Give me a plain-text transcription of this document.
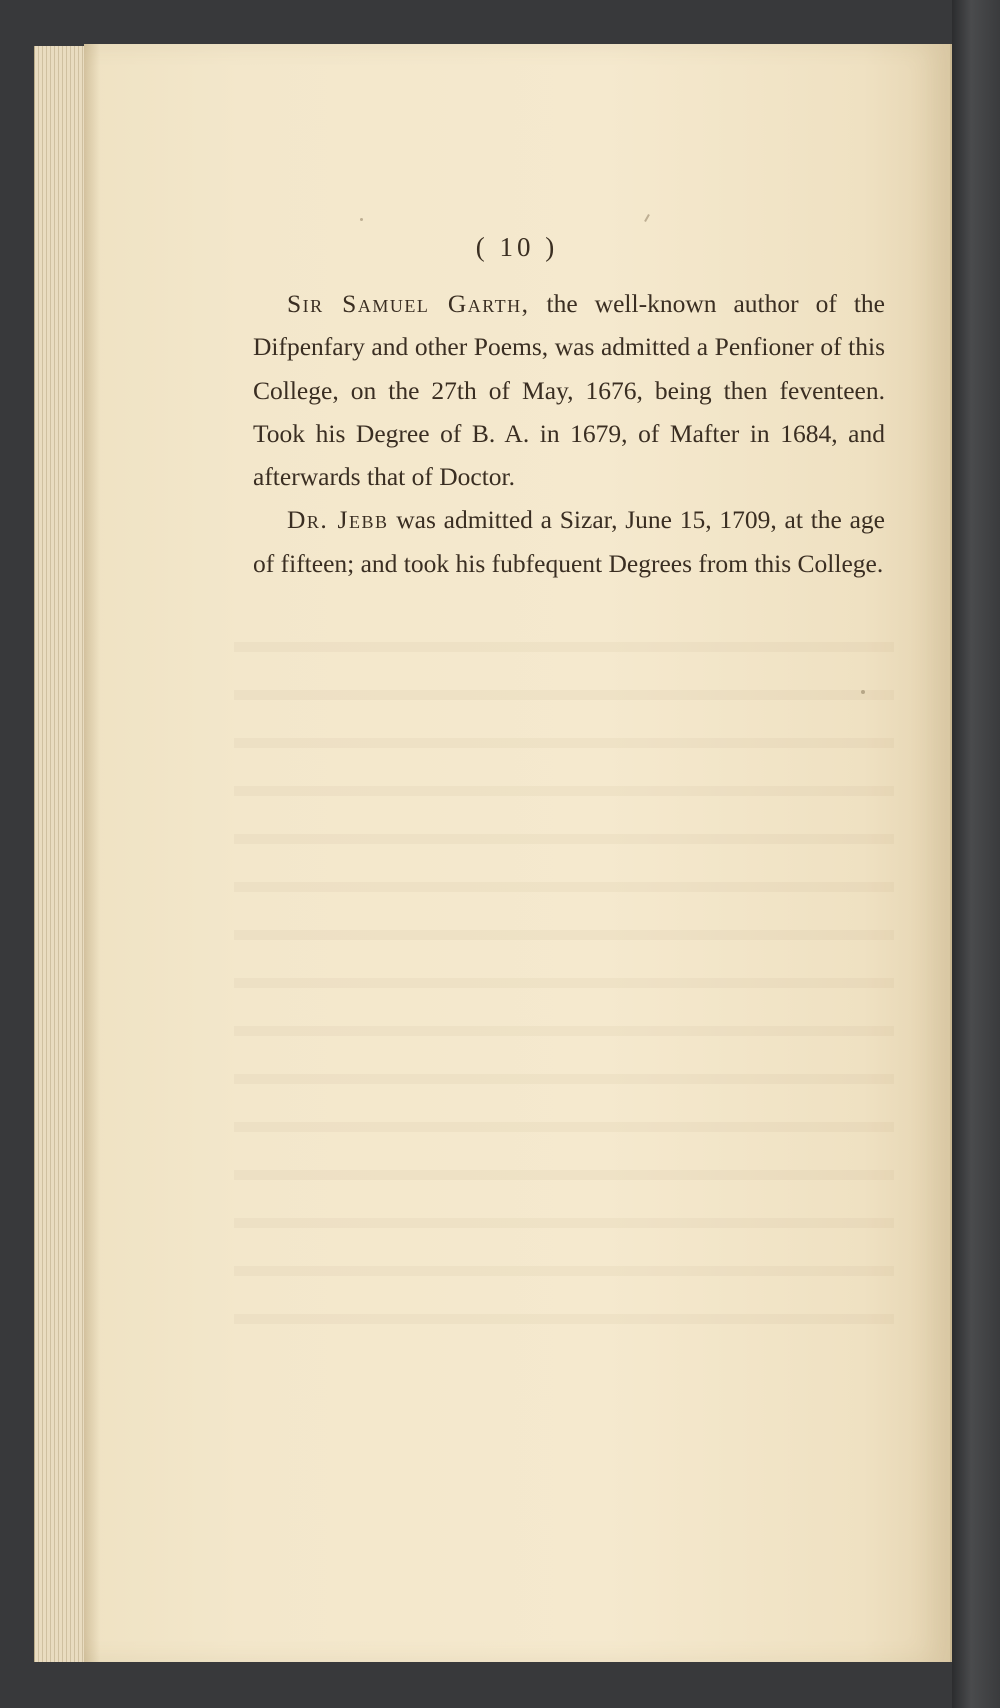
( 10 )

Sir Samuel Garth, the well-known author of the Difpenfary and other Poems, was admitted a Penfioner of this College, on the 27th of May, 1676, being then feventeen. Took his Degree of B. A. in 1679, of Mafter in 1684, and afterwards that of Doctor.

Dr. Jebb was admitted a Sizar, June 15, 1709, at the age of fifteen; and took his fubfequent Degrees from this College.
